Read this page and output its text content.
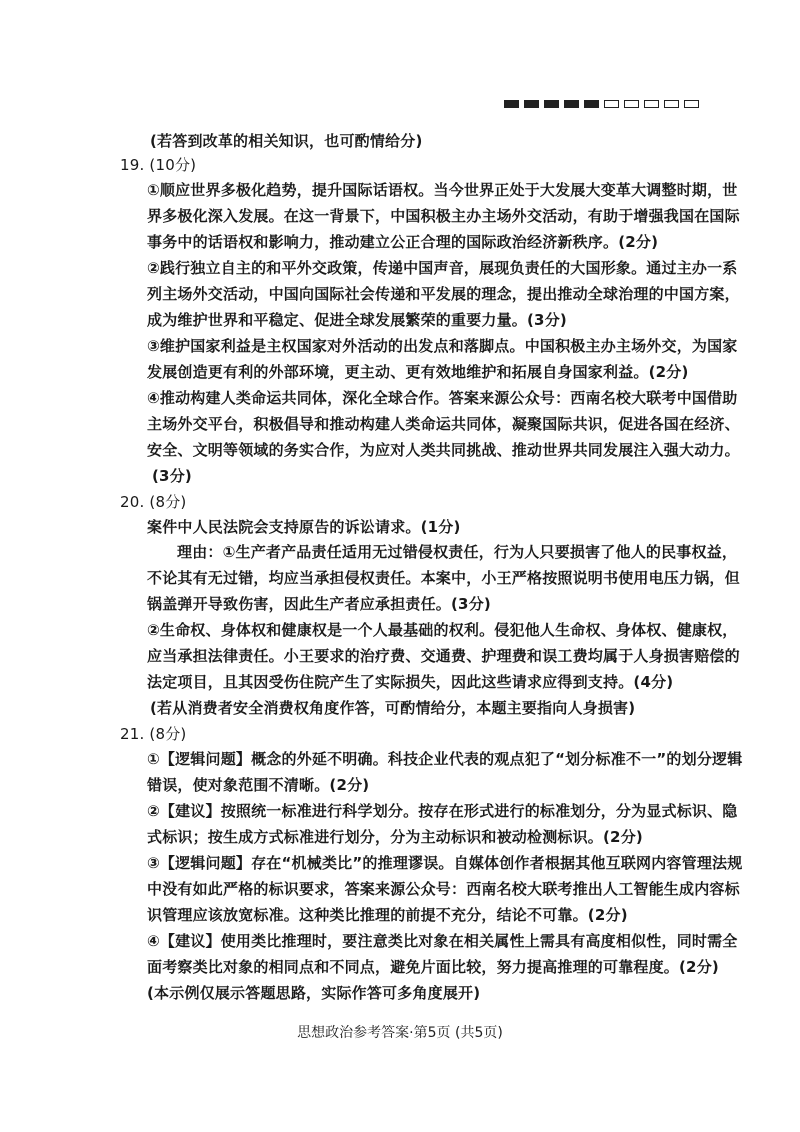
(若答到改革的相关知识，也可酌情给分)
19. (10分)
①顺应世界多极化趋势，提升国际话语权。当今世界正处于大发展大变革大调整时期，世
界多极化深入发展。在这一背景下，中国积极主办主场外交活动，有助于增强我国在国际
事务中的话语权和影响力，推动建立公正合理的国际政治经济新秩序。(2分)
②践行独立自主的和平外交政策，传递中国声音，展现负责任的大国形象。通过主办一系
列主场外交活动，中国向国际社会传递和平发展的理念，提出推动全球治理的中国方案，
成为维护世界和平稳定、促进全球发展繁荣的重要力量。(3分)
③维护国家利益是主权国家对外活动的出发点和落脚点。中国积极主办主场外交，为国家
发展创造更有利的外部环境，更主动、更有效地维护和拓展自身国家利益。(2分)
④推动构建人类命运共同体，深化全球合作。答案来源公众号：西南名校大联考中国借助
主场外交平台，积极倡导和推动构建人类命运共同体，凝聚国际共识，促进各国在经济、
安全、文明等领域的务实合作，为应对人类共同挑战、推动世界共同发展注入强大动力。
(3分)
20. (8分)
案件中人民法院会支持原告的诉讼请求。(1分)
理由：①生产者产品责任适用无过错侵权责任，行为人只要损害了他人的民事权益，
不论其有无过错，均应当承担侵权责任。本案中，小王严格按照说明书使用电压力锅，但
锅盖弹开导致伤害，因此生产者应承担责任。(3分)
②生命权、身体权和健康权是一个人最基础的权利。侵犯他人生命权、身体权、健康权，
应当承担法律责任。小王要求的治疗费、交通费、护理费和误工费均属于人身损害赔偿的
法定项目，且其因受伤住院产生了实际损失，因此这些请求应得到支持。(4分)
(若从消费者安全消费权角度作答，可酌情给分，本题主要指向人身损害)
21. (8分)
①【逻辑问题】概念的外延不明确。科技企业代表的观点犯了“划分标准不一”的划分逻辑
错误，使对象范围不清晰。(2分)
②【建议】按照统一标准进行科学划分。按存在形式进行的标准划分，分为显式标识、隐
式标识；按生成方式标准进行划分，分为主动标识和被动检测标识。(2分)
③【逻辑问题】存在“机械类比”的推理谬误。自媒体创作者根据其他互联网内容管理法规
中没有如此严格的标识要求，答案来源公众号：西南名校大联考推出人工智能生成内容标
识管理应该放宽标准。这种类比推理的前提不充分，结论不可靠。(2分)
④【建议】使用类比推理时，要注意类比对象在相关属性上需具有高度相似性，同时需全
面考察类比对象的相同点和不同点，避免片面比较，努力提高推理的可靠程度。(2分)
(本示例仅展示答题思路，实际作答可多角度展开)
思想政治参考答案·第5页 (共5页)
